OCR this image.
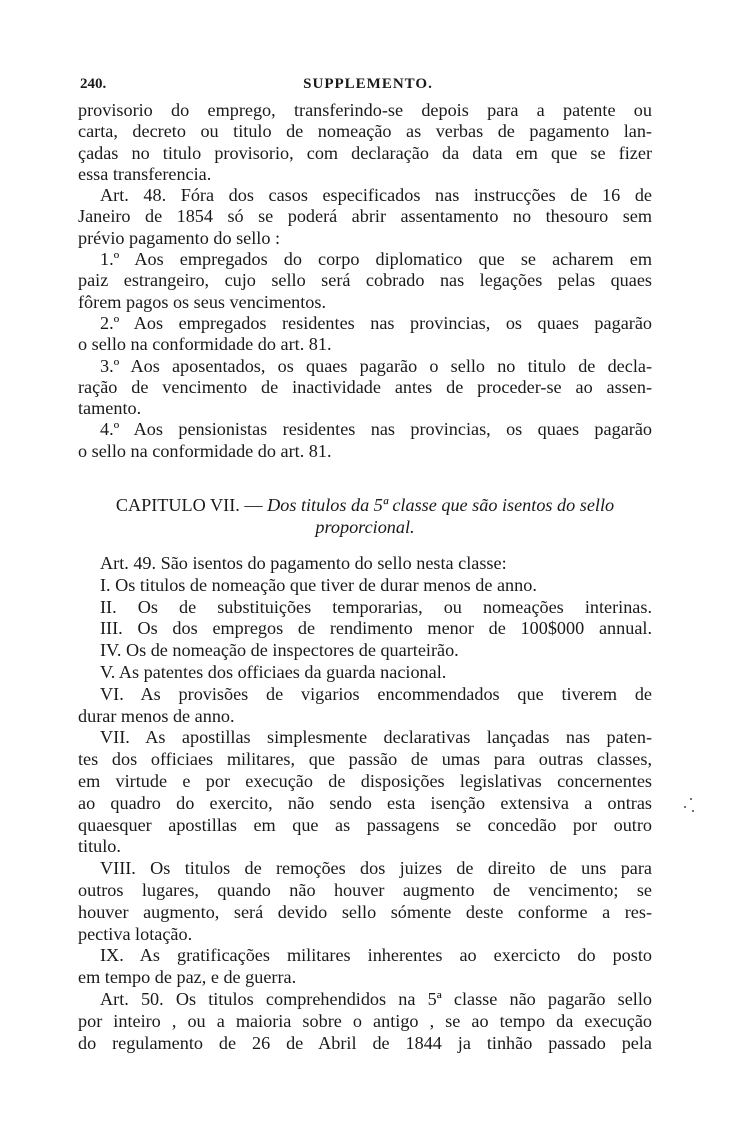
240.	SUPPLEMENTO.
provisorio do emprego, transferindo-se depois para a patente ou
carta, decreto ou titulo de nomeação as verbas de pagamento lan-
çadas no titulo provisorio, com declaração da data em que se fizer
essa transferencia.
Art. 48. Fóra dos casos especificados nas instrucções de 16 de
Janeiro de 1854 só se poderá abrir assentamento no thesouro sem
prévio pagamento do sello :
1.º Aos empregados do corpo diplomatico que se acharem em
paiz estrangeiro, cujo sello será cobrado nas legações pelas quaes
fôrem pagos os seus vencimentos.
2.º Aos empregados residentes nas provincias, os quaes pagarão
o sello na conformidade do art. 81.
3.º Aos aposentados, os quaes pagarão o sello no titulo de decla-
ração de vencimento de inactividade antes de proceder-se ao assen-
tamento.
4.º Aos pensionistas residentes nas provincias, os quaes pagarão
o sello na conformidade do art. 81.
CAPITULO VII. — Dos titulos da 5ª classe que são isentos do sello
proporcional.
Art. 49. São isentos do pagamento do sello nesta classe:
I. Os titulos de nomeação que tiver de durar menos de anno.
II. Os de substituições temporarias, ou nomeações interinas.
III. Os dos empregos de rendimento menor de 100$000 annual.
IV. Os de nomeação de inspectores de quarteirão.
V. As patentes dos officiaes da guarda nacional.
VI. As provisões de vigarios encommendados que tiverem de
durar menos de anno.
VII. As apostillas simplesmente declarativas lançadas nas paten-
tes dos officiaes militares, que passão de umas para outras classes,
em virtude e por execução de disposições legislativas concernentes
ao quadro do exercito, não sendo esta isenção extensiva a ontras
quaesquer apostillas em que as passagens se concedão por outro
titulo.
VIII. Os titulos de remoções dos juizes de direito de uns para
outros lugares, quando não houver augmento de vencimento; se
houver augmento, será devido sello sómente deste conforme a res-
pectiva lotação.
IX. As gratificações militares inherentes ao exercicto do posto
em tempo de paz, e de guerra.
Art. 50. Os titulos comprehendidos na 5ª classe não pagarão sello
por inteiro , ou a maioria sobre o antigo , se ao tempo da execução
do regulamento de 26 de Abril de 1844 ja tinhão passado pela
